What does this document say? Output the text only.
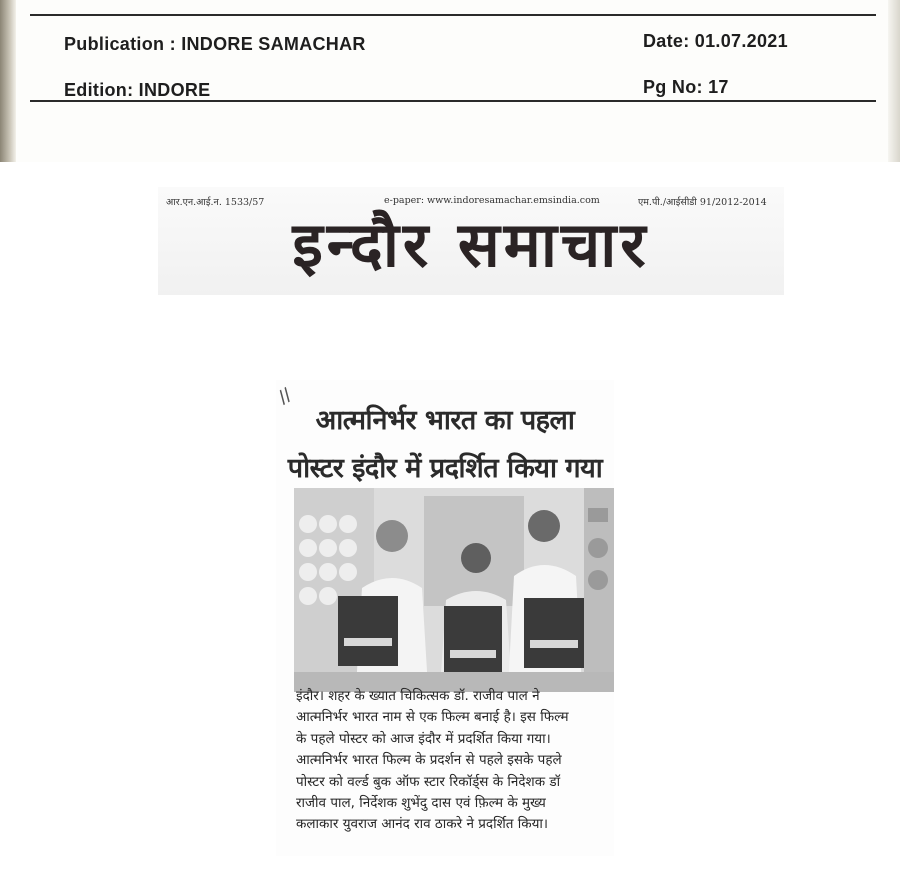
Publication : INDORE SAMACHAR	Date: 01.07.2021
Edition: INDORE	Pg No: 17
आर.एन.आई.न. 1533/57	e-paper: www.indoresamachar.emsindia.com	एम.पी./आईसीडी 91/2012-2014
इन्दौर समाचार
//
आत्मनिर्भर भारत का पहला
पोस्टर इंदौर में प्रदर्शित किया गया
इंदौर। शहर के ख्यात चिकित्सक डॉ. राजीव पाल ने
आत्मनिर्भर भारत नाम से एक फिल्म बनाई है। इस फिल्म
के पहले पोस्टर को आज इंदौर में प्रदर्शित किया गया।
आत्मनिर्भर भारत फिल्म के प्रदर्शन से पहले इसके पहले
पोस्टर को वर्ल्ड बुक ऑफ स्टार रिकॉर्ड्स के निदेशक डॉ
राजीव पाल, निर्देशक शुभेंदु दास एवं फ़िल्म के मुख्य
कलाकार युवराज आनंद राव ठाकरे ने प्रदर्शित किया।
